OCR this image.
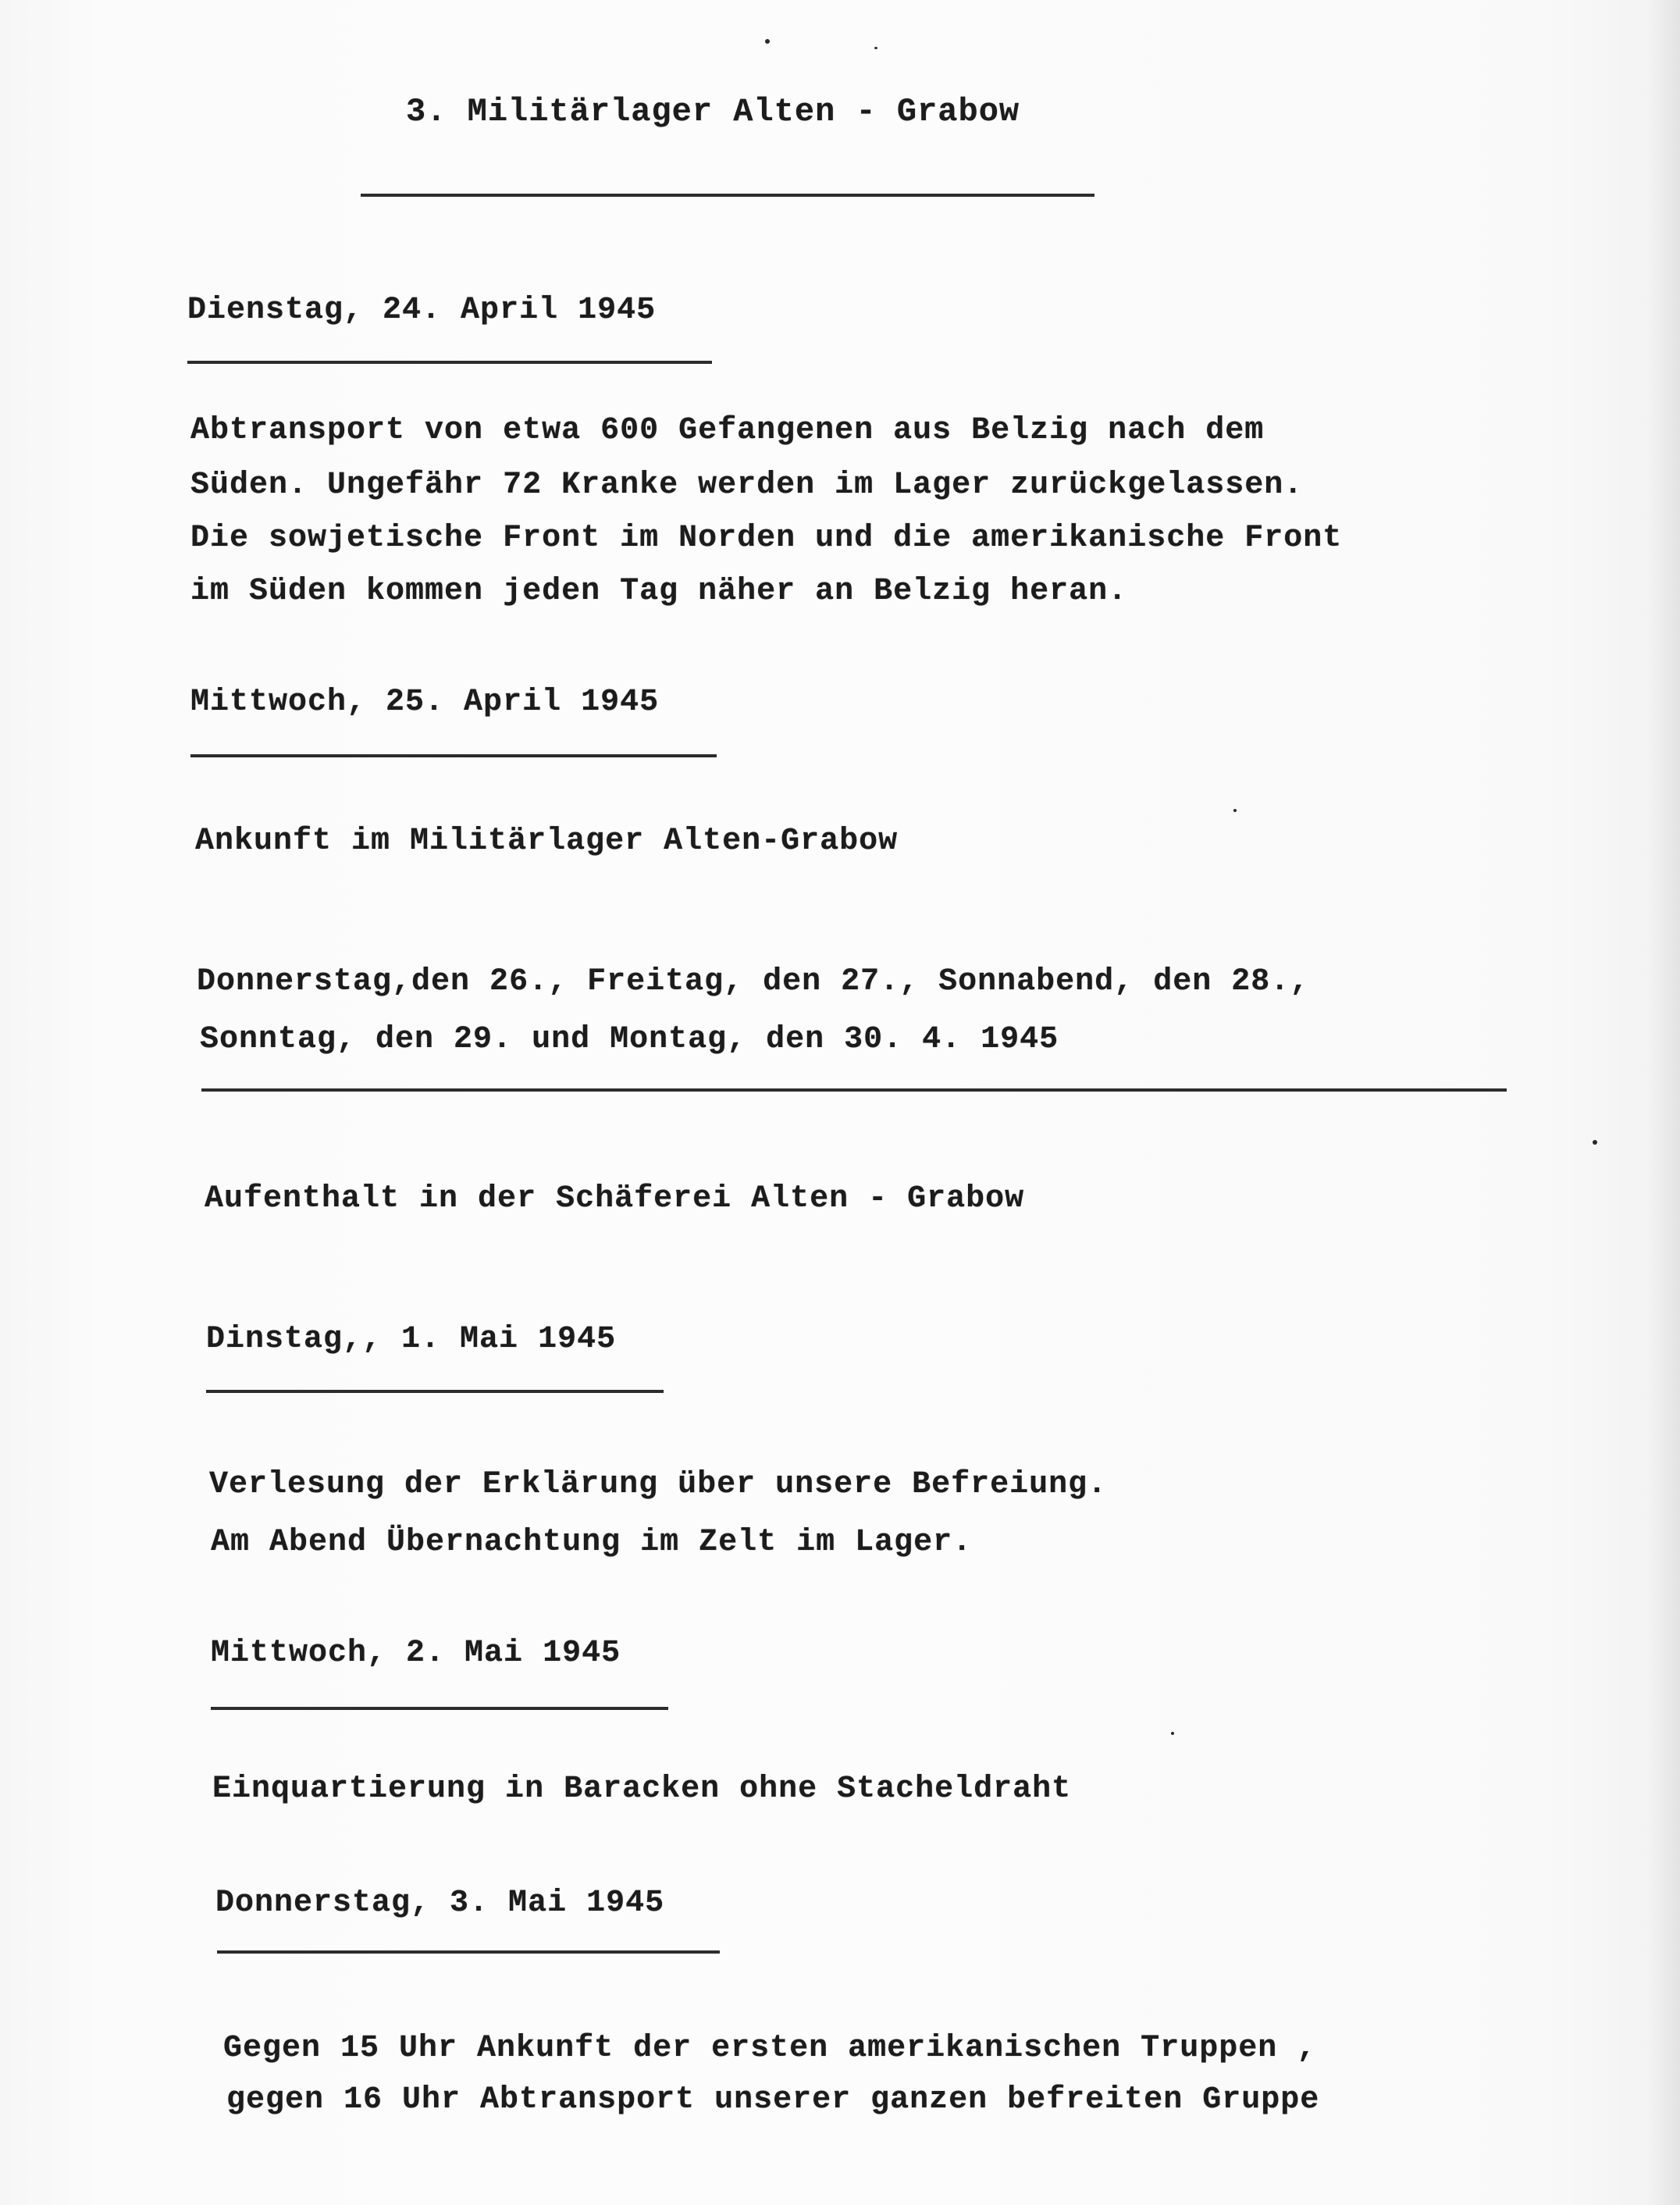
3. Militärlager Alten - Grabow

Dienstag, 24. April 1945

Abtransport von etwa 600 Gefangenen aus Belzig nach dem

Süden. Ungefähr 72 Kranke werden im Lager zurückgelassen.

Die sowjetische Front im Norden und die amerikanische Front

im Süden kommen jeden Tag näher an Belzig heran.

Mittwoch, 25. April 1945

Ankunft im Militärlager Alten-Grabow

Donnerstag,den 26., Freitag, den 27., Sonnabend, den 28.,

Sonntag, den 29. und Montag, den 30. 4. 1945

Aufenthalt in der Schäferei Alten - Grabow

Dinstag,, 1. Mai 1945

Verlesung der Erklärung über unsere Befreiung.

Am Abend Übernachtung im Zelt im Lager.

Mittwoch, 2. Mai 1945

Einquartierung in Baracken ohne Stacheldraht

Donnerstag, 3. Mai 1945

Gegen 15 Uhr Ankunft der ersten amerikanischen Truppen ,

gegen 16 Uhr Abtransport unserer ganzen befreiten Gruppe
